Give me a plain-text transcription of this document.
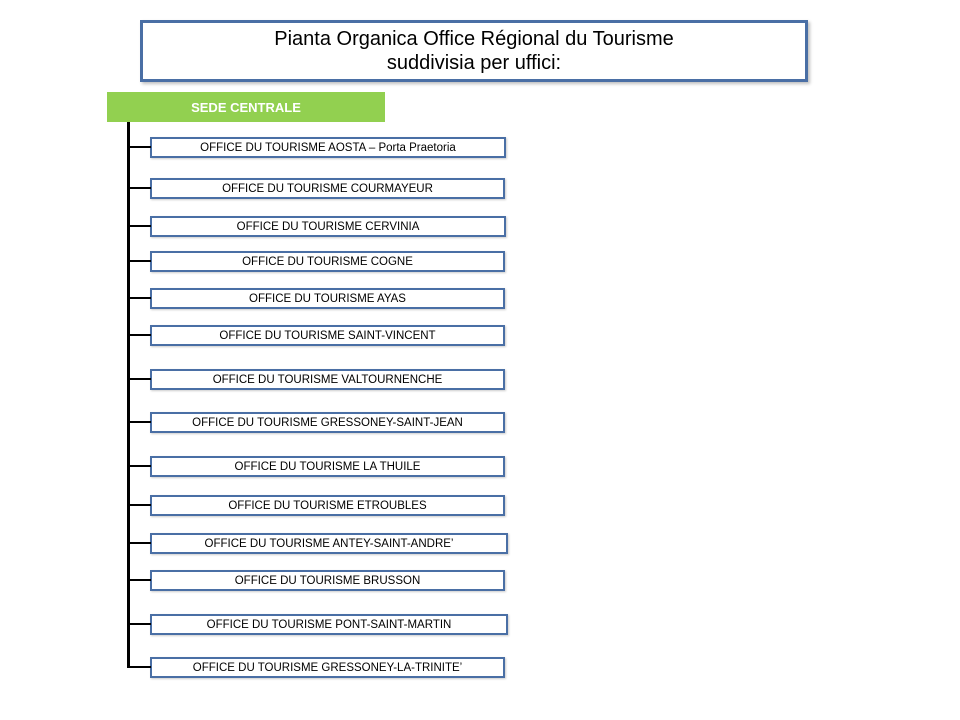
Pianta Organica Office Régional du Tourisme
suddivisia per uffici:
SEDE CENTRALE
OFFICE DU TOURISME AOSTA – Porta Praetoria
OFFICE DU TOURISME COURMAYEUR
OFFICE DU TOURISME CERVINIA
OFFICE DU TOURISME COGNE
OFFICE DU TOURISME AYAS
OFFICE DU TOURISME SAINT-VINCENT
OFFICE DU TOURISME VALTOURNENCHE
OFFICE DU TOURISME GRESSONEY-SAINT-JEAN
OFFICE DU TOURISME LA THUILE
OFFICE DU TOURISME ETROUBLES
OFFICE DU TOURISME ANTEY-SAINT-ANDRE’
OFFICE DU TOURISME BRUSSON
OFFICE DU TOURISME PONT-SAINT-MARTIN
OFFICE DU TOURISME GRESSONEY-LA-TRINITE’
